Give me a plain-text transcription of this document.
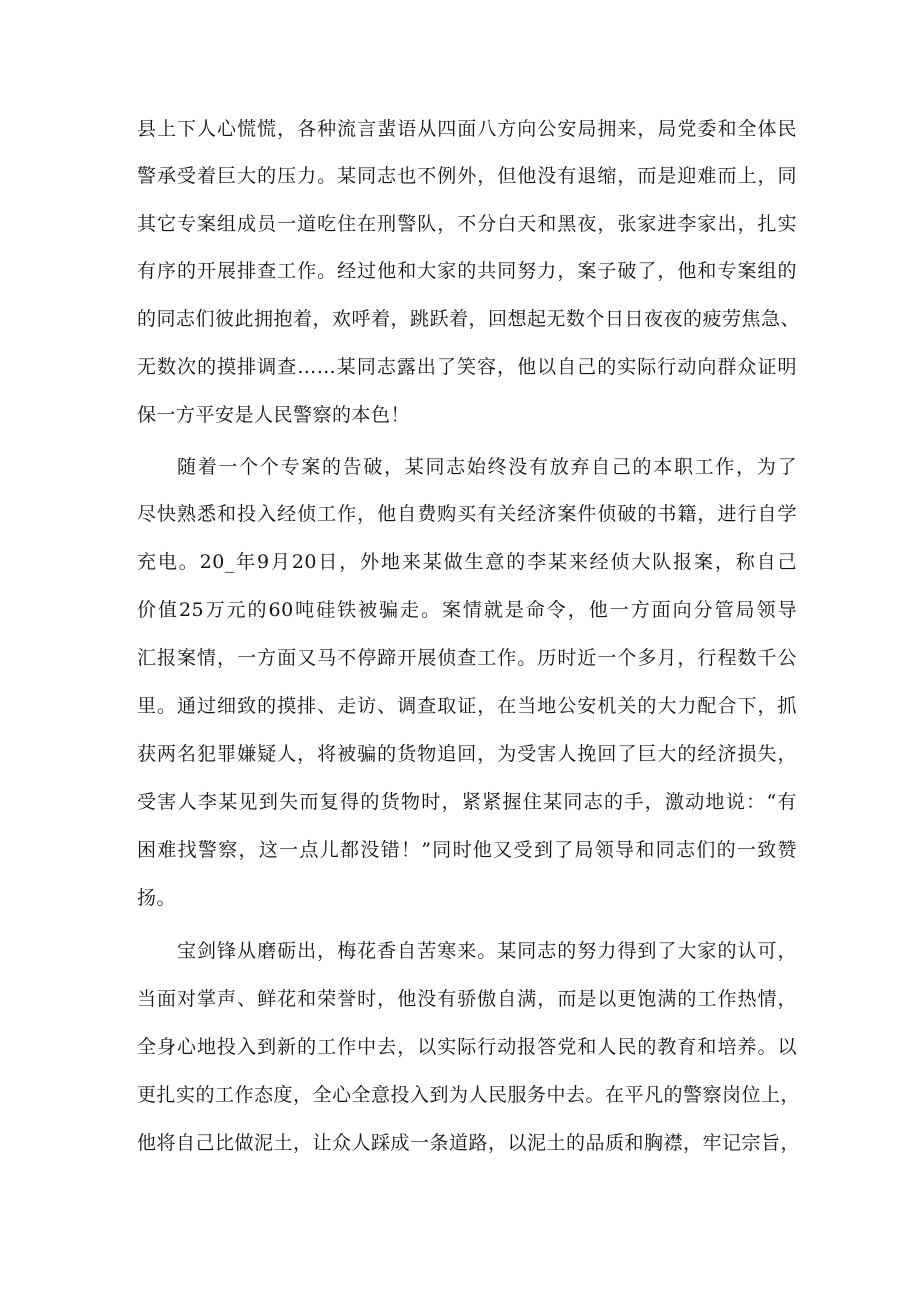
县上下人心慌慌，各种流言蜚语从四面八方向公安局拥来，局党委和全体民
警承受着巨大的压力。某同志也不例外，但他没有退缩，而是迎难而上，同
其它专案组成员一道吃住在刑警队，不分白天和黑夜，张家进李家出，扎实
有序的开展排查工作。经过他和大家的共同努力，案子破了，他和专案组的
的同志们彼此拥抱着，欢呼着，跳跃着，回想起无数个日日夜夜的疲劳焦急、
无数次的摸排调查……某同志露出了笑容，他以自己的实际行动向群众证明
保一方平安是人民警察的本色！
随着一个个专案的告破，某同志始终没有放弃自己的本职工作，为了
尽快熟悉和投入经侦工作，他自费购买有关经济案件侦破的书籍，进行自学
充电。20_年9月20日，外地来某做生意的李某来经侦大队报案，称自己
价值25万元的60吨硅铁被骗走。案情就是命令，他一方面向分管局领导
汇报案情，一方面又马不停蹄开展侦查工作。历时近一个多月，行程数千公
里。通过细致的摸排、走访、调查取证，在当地公安机关的大力配合下，抓
获两名犯罪嫌疑人，将被骗的货物追回，为受害人挽回了巨大的经济损失，
受害人李某见到失而复得的货物时，紧紧握住某同志的手，激动地说：“有
困难找警察，这一点儿都没错！”同时他又受到了局领导和同志们的一致赞
扬。
宝剑锋从磨砺出，梅花香自苦寒来。某同志的努力得到了大家的认可，
当面对掌声、鲜花和荣誉时，他没有骄傲自满，而是以更饱满的工作热情，
全身心地投入到新的工作中去，以实际行动报答党和人民的教育和培养。以
更扎实的工作态度，全心全意投入到为人民服务中去。在平凡的警察岗位上，
他将自己比做泥土，让众人踩成一条道路，以泥土的品质和胸襟，牢记宗旨，
